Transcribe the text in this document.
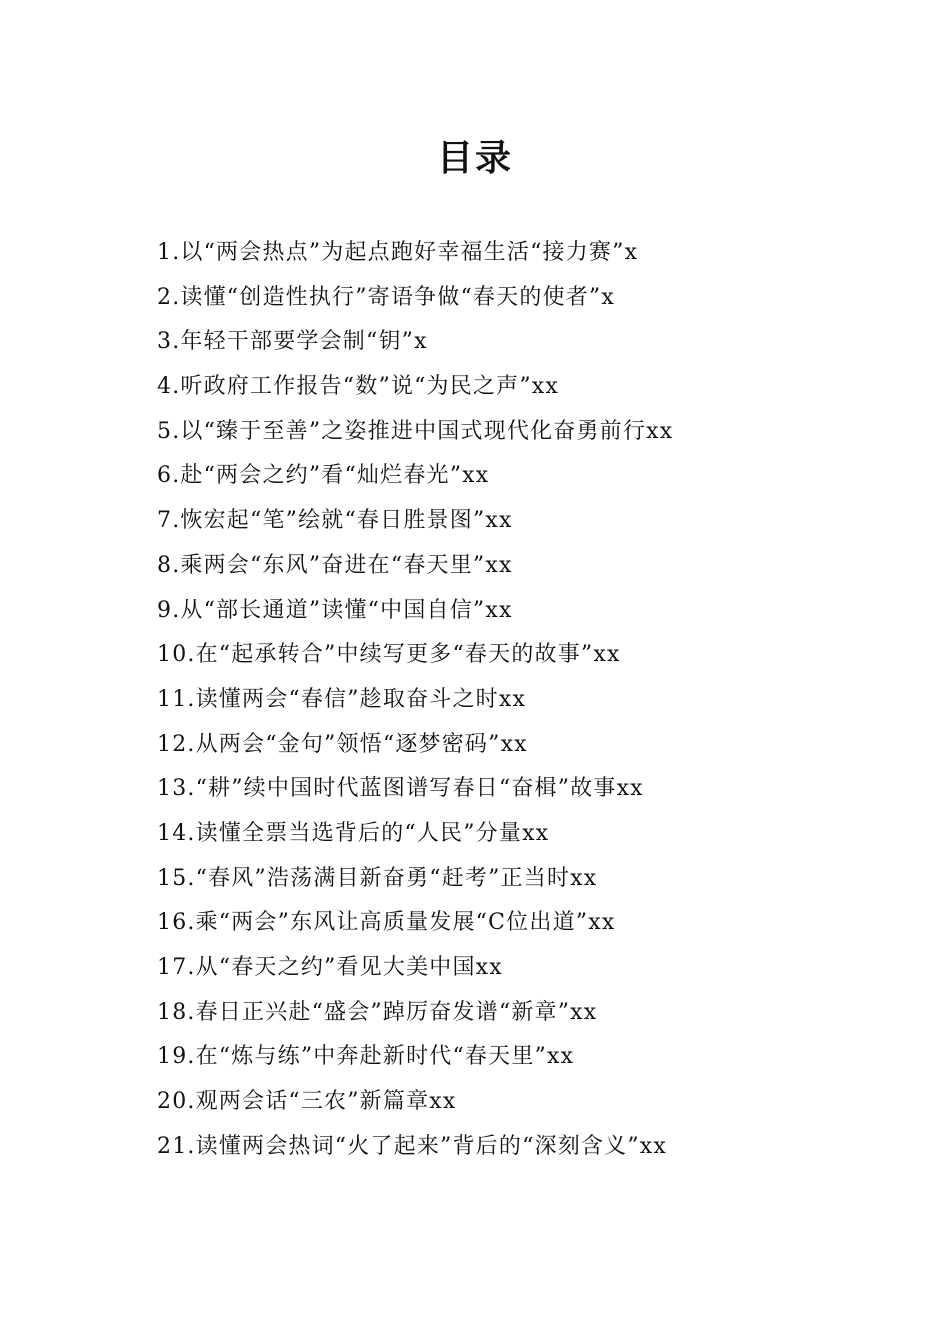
目录
1.以“两会热点”为起点跑好幸福生活“接力赛”x
2.读懂“创造性执行”寄语争做“春天的使者”x
3.年轻干部要学会制“钥”x
4.听政府工作报告“数”说“为民之声”xx
5.以“臻于至善”之姿推进中国式现代化奋勇前行xx
6.赴“两会之约”看“灿烂春光”xx
7.恢宏起“笔”绘就“春日胜景图”xx
8.乘两会“东风”奋进在“春天里”xx
9.从“部长通道”读懂“中国自信”xx
10.在“起承转合”中续写更多“春天的故事”xx
11.读懂两会“春信”趁取奋斗之时xx
12.从两会“金句”领悟“逐梦密码”xx
13.“耕”续中国时代蓝图谱写春日“奋楫”故事xx
14.读懂全票当选背后的“人民”分量xx
15.“春风”浩荡满目新奋勇“赶考”正当时xx
16.乘“两会”东风让高质量发展“C位出道”xx
17.从“春天之约”看见大美中国xx
18.春日正兴赴“盛会”踔厉奋发谱“新章”xx
19.在“炼与练”中奔赴新时代“春天里”xx
20.观两会话“三农”新篇章xx
21.读懂两会热词“火了起来”背后的“深刻含义”xx
